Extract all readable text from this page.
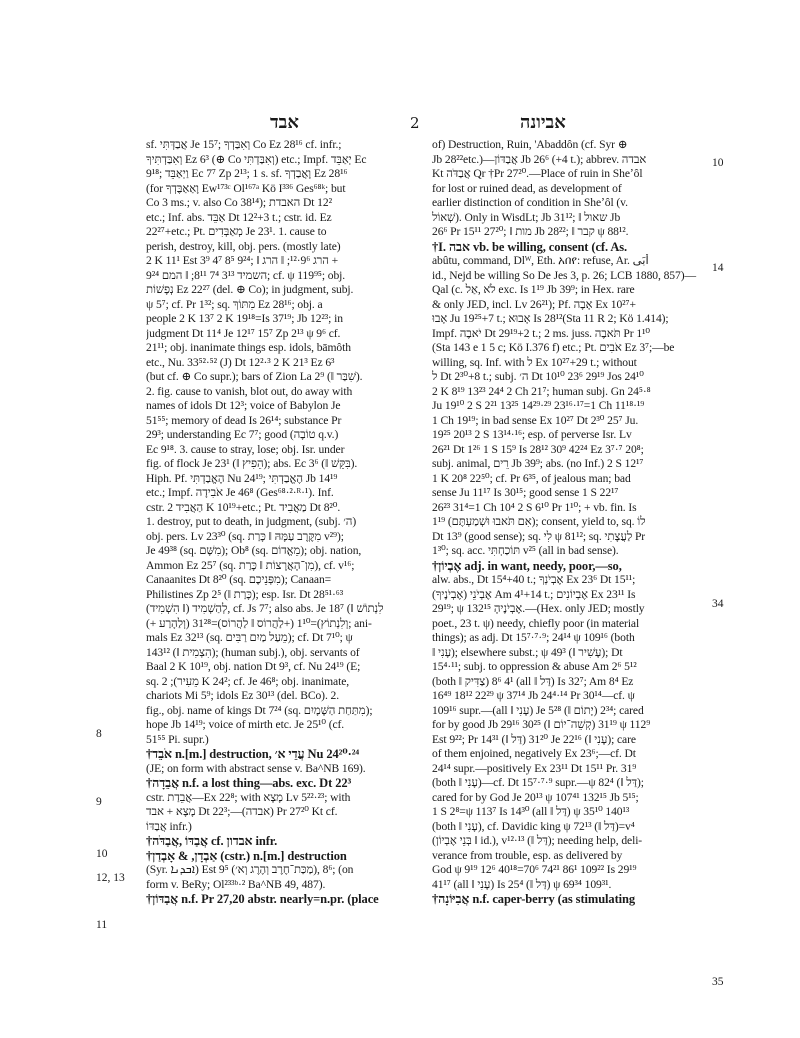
אבד	2	אביונה
8
9
10
12, 13
11
10
14
34
35
sf. אֲבַדְּתִּי Je 15⁷; וְאִבַּדְךָ Co Ez 28¹⁶ cf. infr.;
וְאִבַּדְתִּיךָ Ez 6³ (⊕ Co וְאִבַּדְתִּי) etc.; Impf. יְאַבֵּד Ec
9¹⁸; וַיְאַבֵּד Ec 7⁷ Zp 2¹³; 1 s. sf. וָאֲבַדְךָ Ez 28¹⁶
(for וָאַאַבֶּדְךָ Ew¹⁷³ᶜ Ol¹⁶⁷ᵃ Kö I³³⁶ Ges⁶⁸ᵏ; but
Co 3 ms.; v. also Co 38¹⁴); האבדת Dt 12²
etc.; Inf. abs. אַבֵּד Dt 12²+3 t.; cstr. id. Ez
22²⁷+etc.; Pt. מְאַבְּדִים Je 23¹. 1. cause to
perish, destroy, kill, obj. pers. (mostly late)
2 K 11¹ Est 3⁹ 4⁷ 8⁵ 9²⁴; ‖ הרג 9⁶·¹²; ‖ הרג +
השמיד 3¹³ 7⁴ 8¹¹; ‖ המם 9²⁴; cf. ψ 119⁹⁵; obj.
נְפָשׁוֹת Ez 22²⁷ (del. ⊕ Co); in judgment, subj.
ψ 5⁷; cf. Pr 1³²; sq. מִתּוֹךְ Ez 28¹⁶; obj. a
people 2 K 13⁷ 2 K 19¹⁸=Is 37¹⁹; Jb 12²³; in
judgment Dt 11⁴ Je 12¹⁷ 15⁷ Zp 2¹³ ψ 9⁶ cf.
21¹¹; obj. inanimate things esp. idols, bāmôth
etc., Nu. 33⁵²·⁵² (J) Dt 12²·³ 2 K 21³ Ez 6³
(but cf. ⊕ Co supr.); bars of Zion La 2⁹ (‖ שִׁבַּר).
2. fig. cause to vanish, blot out, do away with
names of idols Dt 12³; voice of Babylon Je
51⁵⁵; memory of dead Is 26¹⁴; substance Pr
29³; understanding Ec 7⁷; good (טוֹבָה q.v.)
Ec 9¹⁸. 3. cause to stray, lose; obj. Isr. under
fig. of flock Je 23¹ (‖ הֵפִיץ); abs. Ec 3⁶ (‖ בִּקֵּשׁ).
Hiph. Pf. הֶאֱבַדְתִּי Nu 24¹⁹; הֶאֱבַדְתִּי Jb 14¹⁹
etc.; Impf. אֹבִידָה Je 46⁸ (Ges⁶⁸·²·ᴿ·¹). Inf.
cstr. הַאֲבִיד 2 K 10¹⁹+etc.; Pt. מַאֲבִיד Dt 8²⁰.
1. destroy, put to death, in judgment, (subj. ה׳)
obj. pers. Lv 23³⁰ (sq. מִקֶּרֶב עַמָּהּ ‖ כָּרַת v²⁹);
Je 49³⁸ (sq. מִשָּׁם); Ob⁸ (sq. מֵאֱדוֹם); obj. nation,
Ammon Ez 25⁷ (sq. מִן־הָאֲרָצוֹת ‖ כָּרַת), cf. v¹⁶;
Canaanites Dt 8²⁰ (sq. מִפְּנֵיכֶם); Canaan=
Philistines Zp 2⁵ (‖ כָּרַת); esp. Isr. Dt 28⁵¹·⁶³
לְהַשְׁמִיד (‖ הִשְׁמִיד), cf. Js 7⁷; also abs. Je 18⁷ (‖ לִנְתוֹשׁ
וְלִנְתוֹץ)=1¹⁰ (+לַהֲרוֹס ‖ לַהֲרוֹס)=31²⁸ (וְלַהָרַע +); ani-
mals Ez 32¹³ (sq. מֵעַל מַיִם רַבִּים); cf. Dt 7¹⁰; ψ
143¹² (‖ הִצְמִית); (human subj.), obj. servants of
Baal 2 K 10¹⁹, obj. nation Dt 9³, cf. Nu 24¹⁹ (E;
sq. מֵעִיר); 2 K 24²; cf. Je 46⁸; obj. inanimate,
chariots Mi 5⁹; idols Ez 30¹³ (del. BCo). 2.
fig., obj. name of kings Dt 7²⁴ (sq. מִתַּחַת הַשָּׁמָיִם);
hope Jb 14¹⁹; voice of mirth etc. Je 25¹⁰ (cf.
51⁵⁵ Pi. supr.)
†אֹבֵד n.[m.] destruction, עֲדֵי א׳ Nu 24²⁰·²⁴
(JE; on form with abstract sense v. Ba^NB 169).
†אֲבֵדָה n.f. a lost thing—abs. exc. Dt 22³
cstr. אֲבֵדַת—Ex 22⁸; with מָצָא Lv 5²²·²³; with
מָצָא + אבד Dt 22³;—(אבדה) Pr 27²⁰ Kt cf.
אֲבַדּוֹ infr.)
†אֲבַדּוֹ ,אֲבַדֹּה cf. אבדון infr.
†אַבְדָן, & אָבְדַן (cstr.) n.[m.] destruction
(Syr. ܐܒܕܢܐ) Est 9⁵ (מַכַּת־חֶרֶב וְהֶרֶג וְא׳), 8⁶; (on
form v. BeRy; Ol²³³ᵇ·² Ba^NB 49, 487).
†אֲבַדּוֹן n.f. Pr 27,20 abstr. nearly=n.pr. (place
of) Destruction, Ruin, 'Abaddôn (cf. Syr ⊕
Jb 28²²etc.)—אֲבַדּוֹן Jb 26⁶ (+4 t.); abbrev. אבדה
Kt אֲבַדֹּה Qr †Pr 27²⁰.—Place of ruin in Sheʼôl
for lost or ruined dead, as development of
earlier distinction of condition in Sheʼôl (v.
שְׁאוֹל). Only in WisdLt; Jb 31¹²; ‖ שאול Jb
26⁶ Pr 15¹¹ 27²⁰; ‖ מות Jb 28²²; ‖ קבר ψ 88¹².
†I. אבה vb. be willing, consent (cf. As.
abûtu, command, Dlᵂ, Eth. አበየ: refuse, Ar. أَبَى
id., Nejd be willing So De Jes 3, p. 26; LCB 1880, 857)—
Qal (c. לֹא ,אַל exc. Is 1¹⁹ Jb 39⁹; in Hex. rare
& only JED, incl. Lv 26²¹); Pf. אָבָה Ex 10²⁷+
אָבוּ Ju 19²⁵+7 t.; אָבוּא Is 28¹²(Sta 11 R 2; Kö 1.414);
Impf. יֹאבֶה Dt 29¹⁹+2 t.; 2 ms. juss. תֹּאבֶה Pr 1¹⁰
(Sta 143 e 1 5 c; Kö I.376 f) etc.; Pt. אֹבִים Ez 3⁷;—be
willing, sq. Inf. with ל Ex 10²⁷+29 t.; without
ל Dt 2³⁰+8 t.; subj. ה׳ Dt 10¹⁰ 23⁶ 29¹⁹ Jos 24¹⁰
2 K 8¹⁹ 13²³ 24⁴ 2 Ch 21⁷; human subj. Gn 24⁵·⁸
Ju 19¹⁰ 2 S 2²¹ 13²⁵ 14²⁹·²⁹ 23¹⁶·¹⁷=1 Ch 11¹⁸·¹⁹
1 Ch 19¹⁹; in bad sense Ex 10²⁷ Dt 2³⁰ 25⁷ Ju.
19²⁵ 20¹³ 2 S 13¹⁴·¹⁶; esp. of perverse Isr. Lv
26²¹ Dt 1²⁶ 1 S 15⁹ Is 28¹² 30⁹ 42²⁴ Ez 3⁷·⁷ 20⁸;
subj. animal, רֵים Jb 39⁹; abs. (no Inf.) 2 S 12¹⁷
1 K 20⁸ 22⁵⁰; cf. Pr 6³⁵, of jealous man; bad
sense Ju 11¹⁷ Is 30¹⁵; good sense 1 S 22¹⁷
26²³ 31⁴=1 Ch 10⁴ 2 S 6¹⁰ Pr 1¹⁰; + vb. fin. Is
1¹⁹ (אִם תֹּאבוּ וּשְׁמַעְתֶּם); consent, yield to, sq. לוֹ
Dt 13⁹ (good sense); sq. לִי ψ 81¹²; sq. לַעֲצָתִי Pr
1³⁰; sq. acc. תּוֹכַחְתִּי v²⁵ (all in bad sense).
†אֶבְיוֹן adj. in want, needy, poor,—so,
alw. abs., Dt 15⁴+40 t.; אֶבְיֹנְךָ Ex 23⁶ Dt 15¹¹;
(אֶבְיֹנֶיךָ) אֶבְיֹנֵי Am 4¹+14 t.; אֶבְיוֹנִים Ex 23¹¹ Is
29¹⁹; ψ אֶבְיֹנֶיהָ 132¹⁵.—(Hex. only JED; mostly
poet., 23 t. ψ) needy, chiefly poor (in material
things); as adj. Dt 15⁷·⁷·⁹; 24¹⁴ ψ 109¹⁶ (both
‖ עָנִי); elsewhere subst.; ψ 49³ (‖ עָשִׁיר); Dt
15⁴·¹¹; subj. to oppression & abuse Am 2⁶ 5¹²
(both ‖ צַדִּיק) 4¹ 8⁶ (all ‖ דַּל) Is 32⁷; Am 8⁴ Ez
16⁴⁹ 18¹² 22²⁹ ψ 37¹⁴ Jb 24⁴·¹⁴ Pr 30¹⁴—cf. ψ
109¹⁶ supr.—(all ‖ עָנִי) Je 5²⁸ (‖ יָתוֹם) 2³⁴; cared
for by good Jb 29¹⁶ 30²⁵ (‖ קְשֵׁה־יוֹם) 31¹⁹ ψ 112⁹
Est 9²²; Pr 14³¹ (‖ דַּל) 31²⁰ Je 22¹⁶ (‖ עָנִי); care
of them enjoined, negatively Ex 23⁶;—cf. Dt
24¹⁴ supr.—positively Ex 23¹¹ Dt 15¹¹ Pr. 31⁹
(both ‖ עָנִי)—cf. Dt 15⁷·⁷·⁹ supr.—ψ 82⁴ (‖ דַּל);
cared for by God Je 20¹³ ψ 107⁴¹ 132¹⁵ Jb 5¹⁵;
1 S 2⁸=ψ 113⁷ Is 14³⁰ (all ‖ דַּל) ψ 35¹⁰ 140¹³
(both ‖ עָנִי), cf. Davidic king ψ 72¹³ (‖ דַּל)=v⁴
(בְּנֵי אֶבְיוֹן ‖ id.), v¹²·¹³ (‖ דַּל); needing help, deli-
verance from trouble, esp. as delivered by
God ψ 9¹⁹ 12⁶ 40¹⁸=70⁶ 74²¹ 86¹ 109²² Is 29¹⁹
41¹⁷ (all ‖ עָנִי) Is 25⁴ (‖ דַּל) ψ 69³⁴ 109³¹.
†אֲבִיּוֹנָה n.f. caper-berry (as stimulating
